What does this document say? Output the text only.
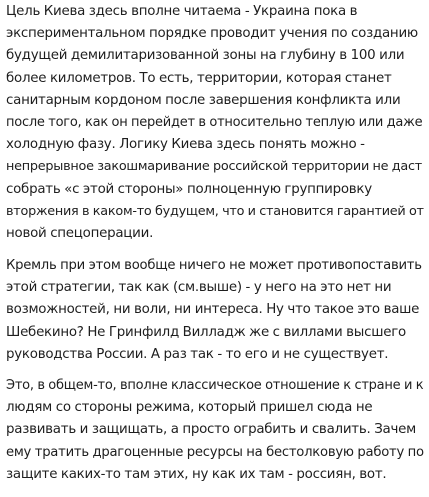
Цель Киева здесь вполне читаема - Украина пока в
экспериментальном порядке проводит учения по созданию
будущей демилитаризованной зоны на глубину в 100 или
более километров. То есть, территории, которая станет
санитарным кордоном после завершения конфликта или
после того, как он перейдет в относительно теплую или даже
холодную фазу. Логику Киева здесь понять можно -
непрерывное закошмаривание российской территории не даст
собрать «с этой стороны» полноценную группировку
вторжения в каком-то будущем, что и становится гарантией от
новой спецоперации.
Кремль при этом вообще ничего не может противопоставить
этой стратегии, так как (см.выше) - у него на это нет ни
возможностей, ни воли, ни интереса. Ну что такое это ваше
Шебекино? Не Гринфилд Вилладж же с виллами высшего
руководства России. А раз так - то его и не существует.
Это, в общем-то, вполне классическое отношение к стране и к
людям со стороны режима, который пришел сюда не
развивать и защищать, а просто ограбить и свалить. Зачем
ему тратить драгоценные ресурсы на бестолковую работу по
защите каких-то там этих, ну как их там - россиян, вот.
